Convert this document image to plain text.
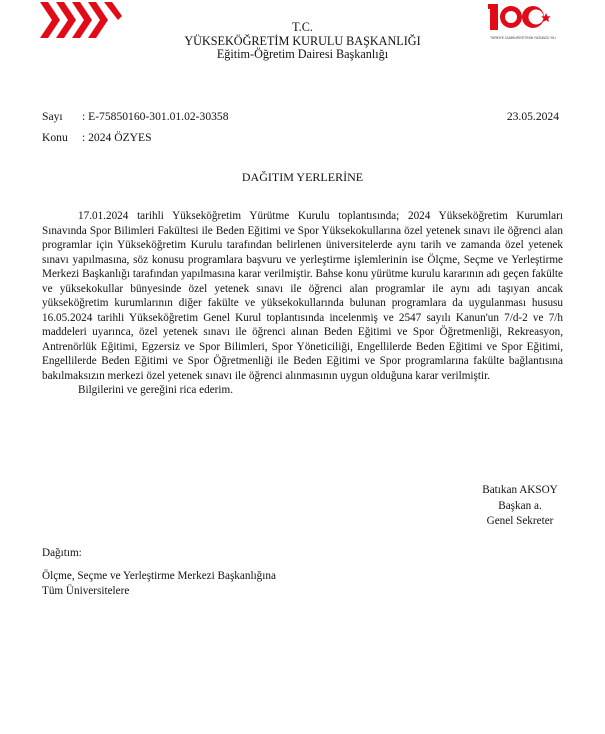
TÜRKİYE CUMHURİYETİ'NİN YÜZÜNCÜ YILI
T.C.
YÜKSEKÖĞRETİM KURULU BAŞKANLIĞI
Eğitim-Öğretim Dairesi Başkanlığı
Sayı : E-75850160-301.01.02-30358
Konu : 2024 ÖZYES
23.05.2024
DAĞITIM YERLERİNE

17.01.2024 tarihli Yükseköğretim Yürütme Kurulu toplantısında; 2024 Yükseköğretim Kurumları Sınavında Spor Bilimleri Fakültesi ile Beden Eğitimi ve Spor Yüksekokullarına özel yetenek sınavı ile öğrenci alan programlar için Yükseköğretim Kurulu tarafından belirlenen üniversitelerde aynı tarih ve zamanda özel yetenek sınavı yapılmasına, söz konusu programlara başvuru ve yerleştirme işlemlerinin ise Ölçme, Seçme ve Yerleştirme Merkezi Başkanlığı tarafından yapılmasına karar verilmiştir. Bahse konu yürütme kurulu kararının adı geçen fakülte ve yüksekokullar bünyesinde özel yetenek sınavı ile öğrenci alan programlar ile aynı adı taşıyan ancak yükseköğretim kurumlarının diğer fakülte ve yüksekokullarında bulunan programlara da uygulanması hususu 16.05.2024 tarihli Yükseköğretim Genel Kurul toplantısında incelenmiş ve 2547 sayılı Kanun'un 7/d-2 ve 7/h maddeleri uyarınca, özel yetenek sınavı ile öğrenci alınan Beden Eğitimi ve Spor Öğretmenliği, Rekreasyon, Antrenörlük Eğitimi, Egzersiz ve Spor Bilimleri, Spor Yöneticiliği, Engellilerde Beden Eğitimi ve Spor Eğitimi, Engellilerde Beden Eğitimi ve Spor Öğretmenliği ile Beden Eğitimi ve Spor programlarına fakülte bağlantısına bakılmaksızın merkezi özel yetenek sınavı ile öğrenci alınmasının uygun olduğuna karar verilmiştir.

Bilgilerini ve gereğini rica ederim.

Batıkan AKSOY
Başkan a.
Genel Sekreter
Dağıtım:
Ölçme, Seçme ve Yerleştirme Merkezi Başkanlığına
Tüm Üniversitelere
